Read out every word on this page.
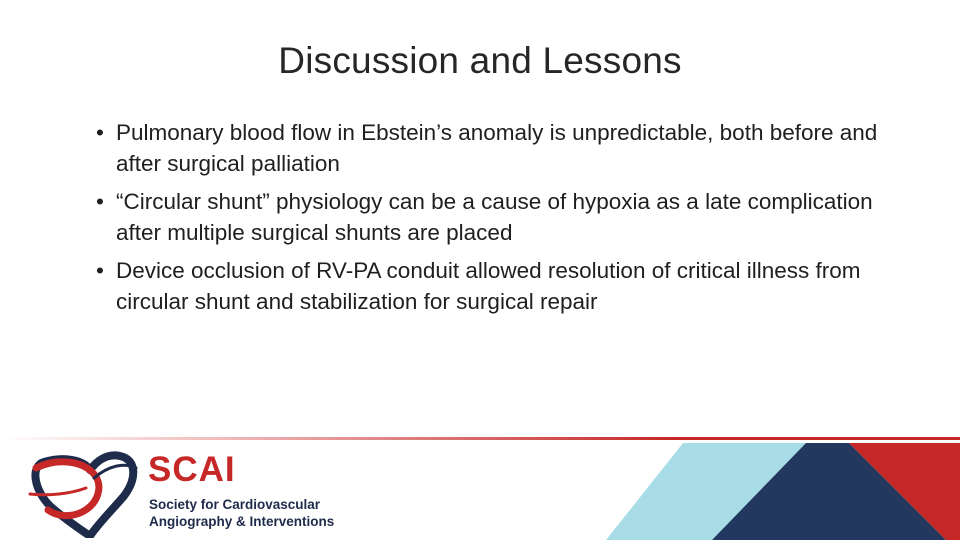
Discussion and Lessons
• Pulmonary blood flow in Ebstein’s anomaly is unpredictable, both before and after surgical palliation
• “Circular shunt” physiology can be a cause of hypoxia as a late complication after multiple surgical shunts are placed
• Device occlusion of RV-PA conduit allowed resolution of critical illness from circular shunt and stabilization for surgical repair
SCAI
Society for Cardiovascular
Angiography & Interventions
